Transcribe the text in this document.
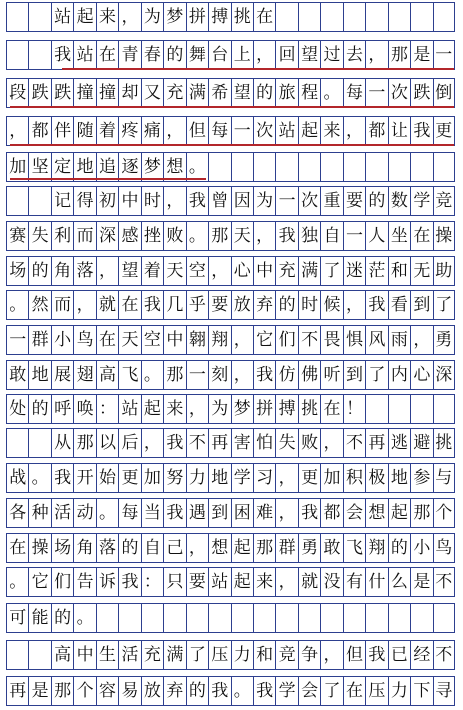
站 起 来 ， 为 梦 拼 搏 挑 在
我 站 在 青 春 的 舞 台 上 ， 回 望 过 去 ， 那 是 一
段 跌 跌 撞 撞 却 又 充 满 希 望 的 旅 程 。 每 一 次 跌 倒
， 都 伴 随 着 疼 痛 ， 但 每 一 次 站 起 来 ， 都 让 我 更
加 坚 定 地 追 逐 梦 想 。
记 得 初 中 时 ， 我 曾 因 为 一 次 重 要 的 数 学 竞
赛 失 利 而 深 感 挫 败 。 那 天 ， 我 独 自 一 人 坐 在 操
场 的 角 落 ， 望 着 天 空 ， 心 中 充 满 了 迷 茫 和 无 助
。 然 而 ， 就 在 我 几 乎 要 放 弃 的 时 候 ， 我 看 到 了
一 群 小 鸟 在 天 空 中 翱 翔 ， 它 们 不 畏 惧 风 雨 ， 勇
敢 地 展 翅 高 飞 。 那 一 刻 ， 我 仿 佛 听 到 了 内 心 深
处 的 呼 唤 ： 站 起 来 ， 为 梦 拼 搏 挑 在 ！
从 那 以 后 ， 我 不 再 害 怕 失 败 ， 不 再 逃 避 挑
战 。 我 开 始 更 加 努 力 地 学 习 ， 更 加 积 极 地 参 与
各 种 活 动 。 每 当 我 遇 到 困 难 ， 我 都 会 想 起 那 个
在 操 场 角 落 的 自 己 ， 想 起 那 群 勇 敢 飞 翔 的 小 鸟
。 它 们 告 诉 我 ： 只 要 站 起 来 ， 就 没 有 什 么 是 不
可 能 的 。
高 中 生 活 充 满 了 压 力 和 竞 争 ， 但 我 已 经 不
再 是 那 个 容 易 放 弃 的 我 。 我 学 会 了 在 压 力 下 寻
